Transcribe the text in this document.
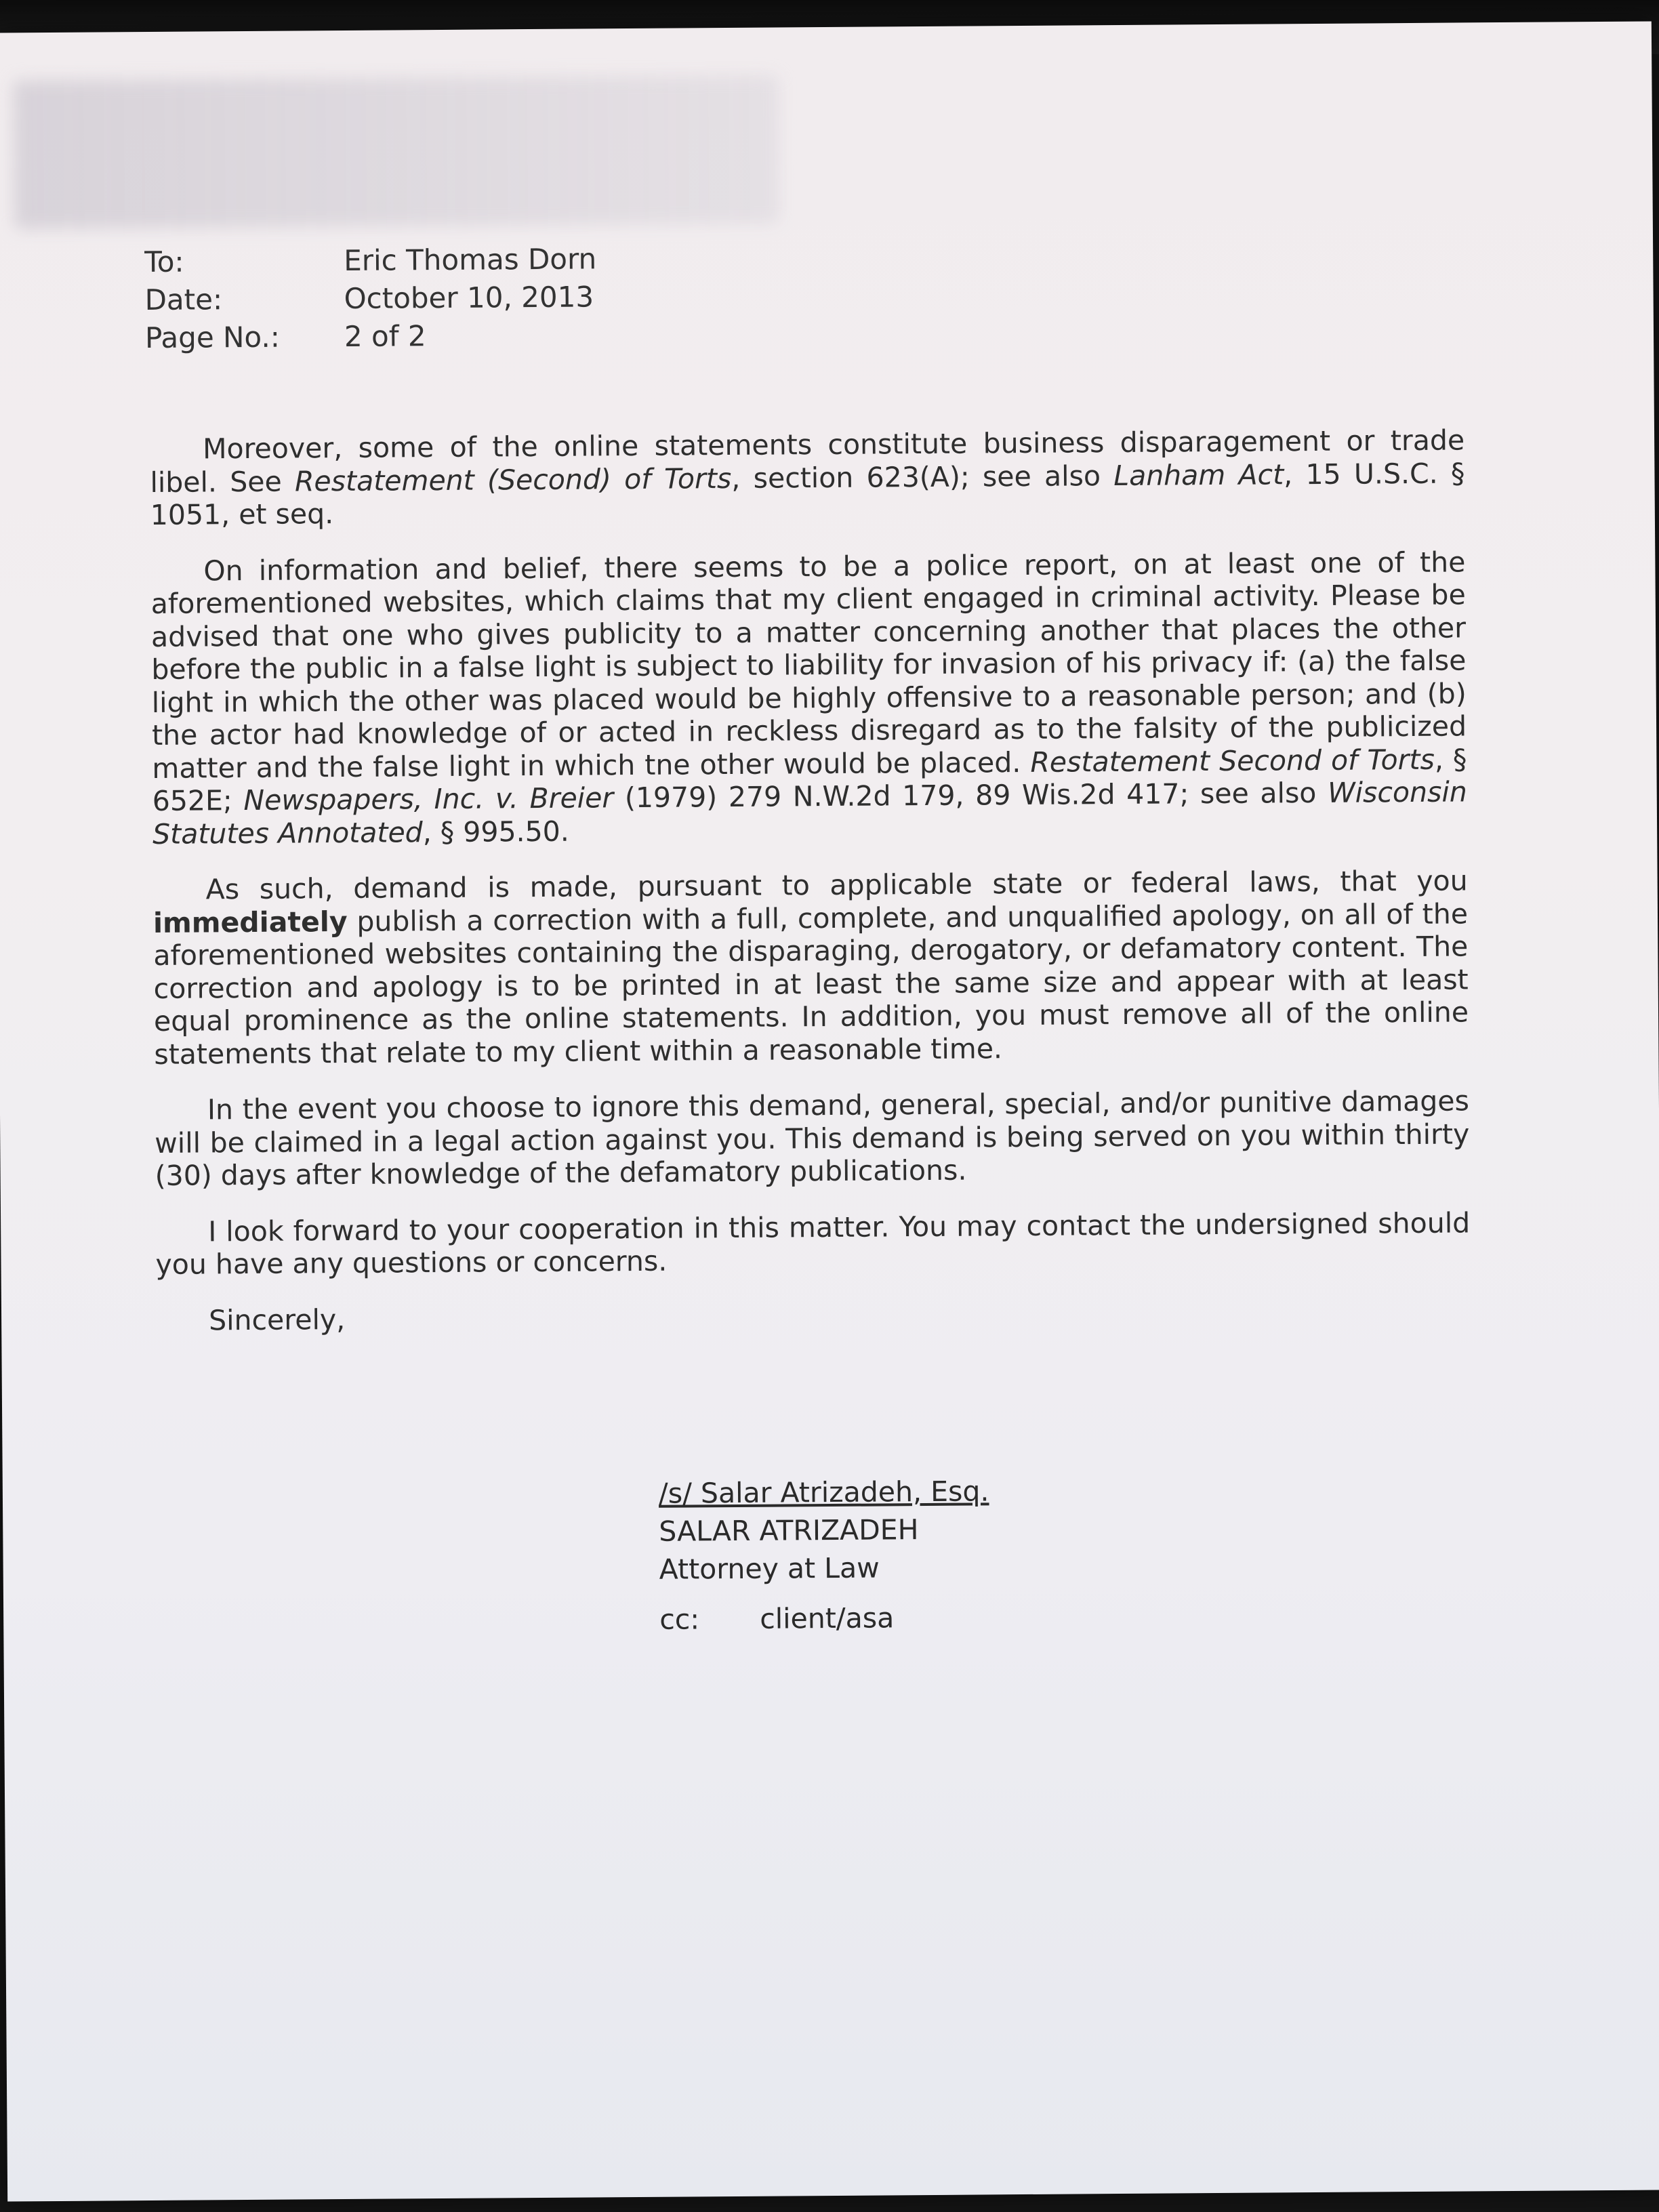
To:	Eric Thomas Dorn
Date:	October 10, 2013
Page No.:	2 of 2

Moreover, some of the online statements constitute business disparagement or trade libel. See Restatement (Second) of Torts, section 623(A); see also Lanham Act, 15 U.S.C. § 1051, et seq.

On information and belief, there seems to be a police report, on at least one of the aforementioned websites, which claims that my client engaged in criminal activity. Please be advised that one who gives publicity to a matter concerning another that places the other before the public in a false light is subject to liability for invasion of his privacy if: (a) the false light in which the other was placed would be highly offensive to a reasonable person; and (b) the actor had knowledge of or acted in reckless disregard as to the falsity of the publicized matter and the false light in which tne other would be placed. Restatement Second of Torts, § 652E; Newspapers, Inc. v. Breier (1979) 279 N.W.2d 179, 89 Wis.2d 417; see also Wisconsin Statutes Annotated, § 995.50.

As such, demand is made, pursuant to applicable state or federal laws, that you immediately publish a correction with a full, complete, and unqualified apology, on all of the aforementioned websites containing the disparaging, derogatory, or defamatory content. The correction and apology is to be printed in at least the same size and appear with at least equal prominence as the online statements. In addition, you must remove all of the online statements that relate to my client within a reasonable time.

In the event you choose to ignore this demand, general, special, and/or punitive damages will be claimed in a legal action against you. This demand is being served on you within thirty (30) days after knowledge of the defamatory publications.

I look forward to your cooperation in this matter. You may contact the undersigned should you have any questions or concerns.

Sincerely,

/s/ Salar Atrizadeh, Esq.
SALAR ATRIZADEH
Attorney at Law
cc:	client/asa
